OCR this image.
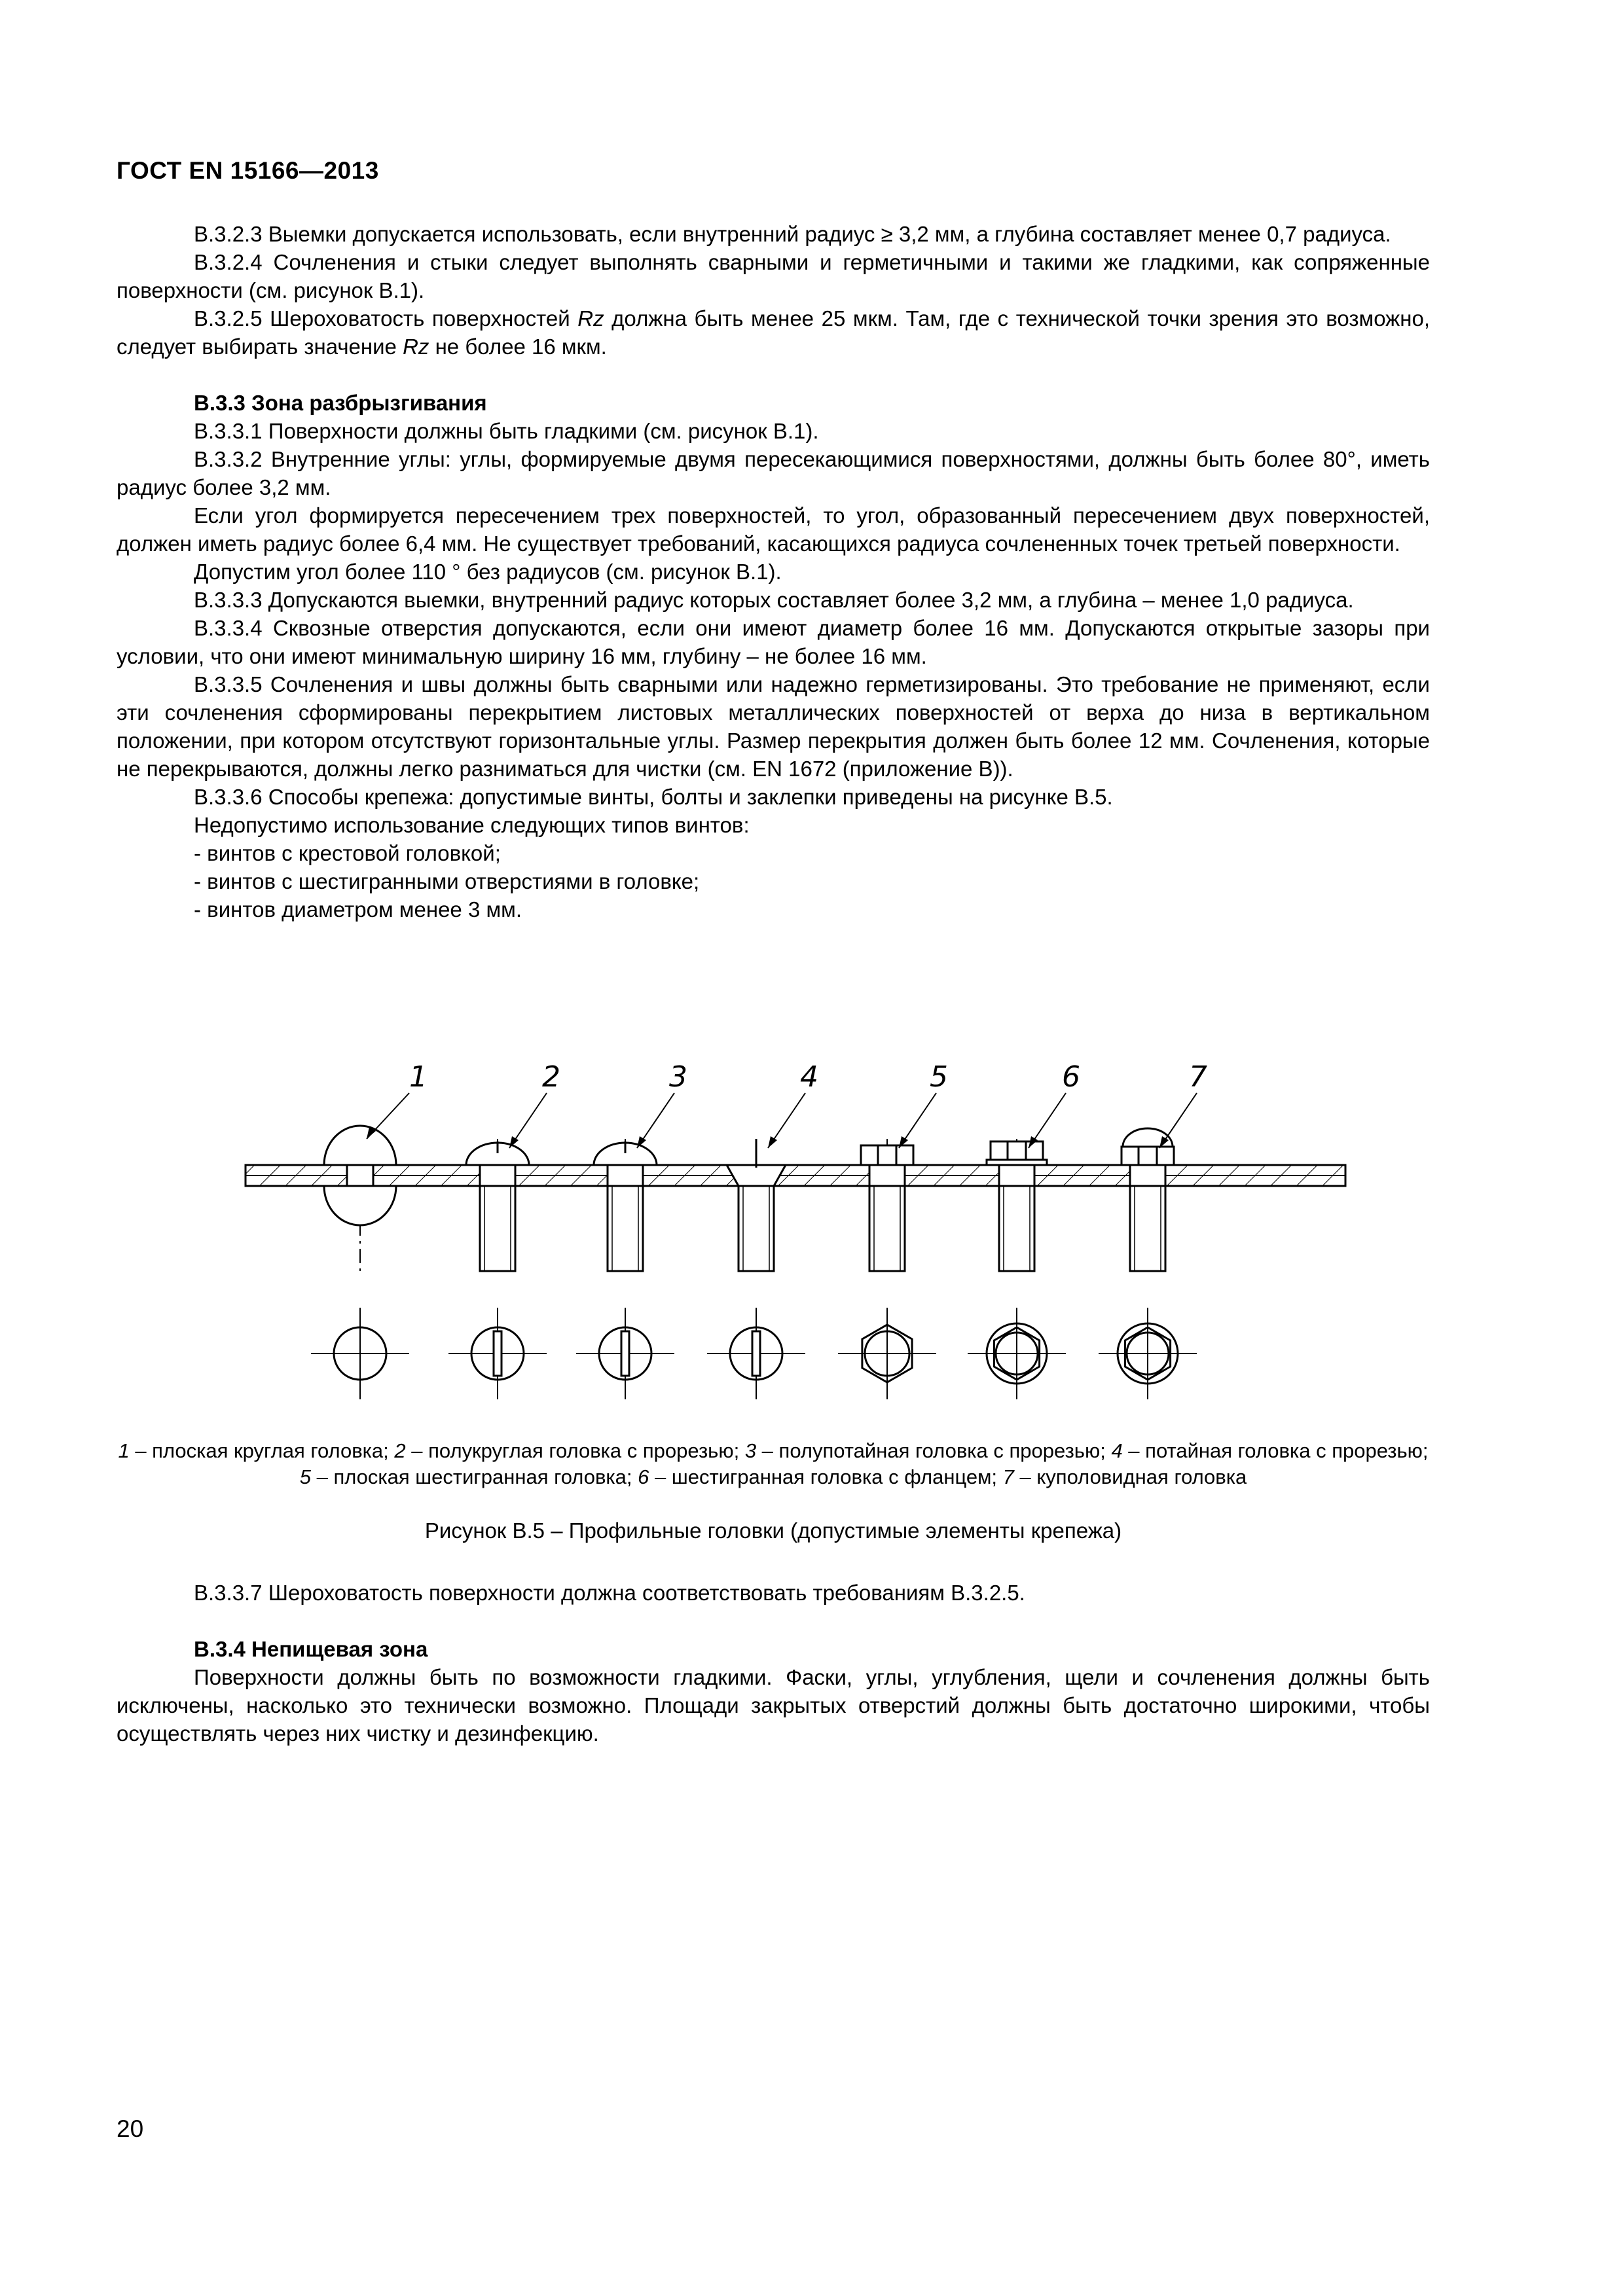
ГОСТ EN 15166—2013

В.3.2.3 Выемки допускается использовать, если внутренний радиус ≥ 3,2 мм, а глубина составляет менее 0,7 радиуса.

В.3.2.4 Сочленения и стыки следует выполнять сварными и герметичными и такими же гладкими, как сопряженные поверхности (см. рисунок В.1).

В.3.2.5 Шероховатость поверхностей Rz должна быть менее 25 мкм. Там, где с технической точки зрения это возможно, следует выбирать значение Rz не более 16 мкм.

В.3.3 Зона разбрызгивания

В.3.3.1 Поверхности должны быть гладкими (см. рисунок В.1).

В.3.3.2 Внутренние углы: углы, формируемые двумя пересекающимися поверхностями, должны быть более 80°, иметь радиус более 3,2 мм.

Если угол формируется пересечением трех поверхностей, то угол, образованный пересечением двух поверхностей, должен иметь радиус более 6,4 мм. Не существует требований, касающихся радиуса сочлененных точек третьей поверхности.

Допустим угол более 110 ° без радиусов (см. рисунок В.1).

В.3.3.3 Допускаются выемки, внутренний радиус которых составляет более 3,2 мм, а глубина – менее 1,0 радиуса.

В.3.3.4 Сквозные отверстия допускаются, если они имеют диаметр более 16 мм. Допускаются открытые зазоры при условии, что они имеют минимальную ширину 16 мм, глубину – не более 16 мм.

В.3.3.5 Сочленения и швы должны быть сварными или надежно герметизированы. Это требование не применяют, если эти сочленения сформированы перекрытием листовых металлических поверхностей от верха до низа в вертикальном положении, при котором отсутствуют горизонтальные углы. Размер перекрытия должен быть более 12 мм. Сочленения, которые не перекрываются, должны легко разниматься для чистки (см. EN 1672 (приложение В)).

В.3.3.6 Способы крепежа: допустимые винты, болты и заклепки приведены на рисунке В.5.

Недопустимо использование следующих типов винтов:

- винтов с крестовой головкой;

- винтов с шестигранными отверстиями в головке;

- винтов диаметром менее 3 мм.

1	2	3	4	5	6	7
1 – плоская круглая головка; 2 – полукруглая головка с прорезью; 3 – полупотайная головка с прорезью; 4 – потайная головка с прорезью; 5 – плоская шестигранная головка; 6 – шестигранная головка с фланцем; 7 – куполовидная головка
Рисунок В.5 – Профильные головки (допустимые элементы крепежа)

В.3.3.7 Шероховатость поверхности должна соответствовать требованиям В.3.2.5.

В.3.4 Непищевая зона

Поверхности должны быть по возможности гладкими. Фаски, углы, углубления, щели и сочленения должны быть исключены, насколько это технически возможно. Площади закрытых отверстий должны быть достаточно широкими, чтобы осуществлять через них чистку и дезинфекцию.

20
